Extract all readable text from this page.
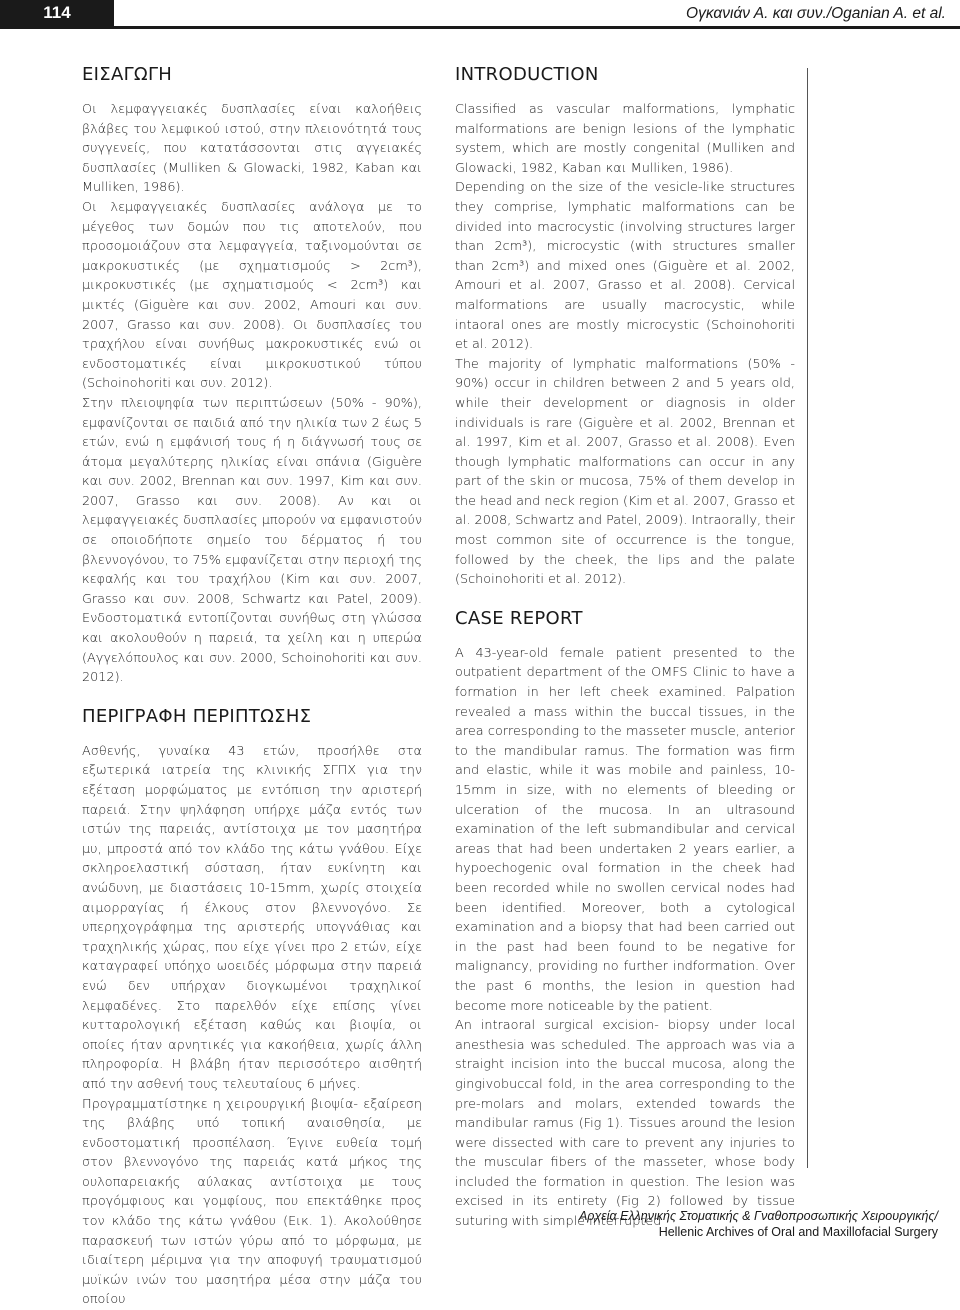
114	Ογκανιάν Α. και συν./Oganian A. et al.
ΕΙΣΑΓΩΓΗ

Οι λεμφαγγειακές δυσπλασίες είναι καλοήθεις βλάβες του λεμφικού ιστού, στην πλειονότητά τους συγγενείς, που κατατάσσονται στις αγγειακές δυσπλασίες (Mulliken & Glowacki, 1982, Kaban και Mulliken, 1986).

Οι λεμφαγγειακές δυσπλασίες ανάλογα με το μέγεθος των δομών που τις αποτελούν, που προσομοιάζουν στα λεμφαγγεία, ταξινομούνται σε μακροκυστικές (με σχηματισμούς > 2cm³), μικροκυστικές (με σχηματισμούς < 2cm³) και μικτές (Giguère και συν. 2002, Amouri και συν. 2007, Grasso και συν. 2008). Οι δυσπλασίες του τραχήλου είναι συνήθως μακροκυστικές ενώ οι ενδοστοματικές είναι μικροκυστικού τύπου (Schoinohoriti και συν. 2012).

Στην πλειοψηφία των περιπτώσεων (50% - 90%), εμφανίζονται σε παιδιά από την ηλικία των 2 έως 5 ετών, ενώ η εμφάνισή τους ή η διάγνωσή τους σε άτομα μεγαλύτερης ηλικίας είναι σπάνια (Giguère και συν. 2002, Brennan και συν. 1997, Kim και συν. 2007, Grasso και συν. 2008). Αν και οι λεμφαγγειακές δυσπλασίες μπορούν να εμφανιστούν σε οποιοδήποτε σημείο του δέρματος ή του βλεννογόνου, το 75% εμφανίζεται στην περιοχή της κεφαλής και του τραχήλου (Kim και συν. 2007, Grasso και συν. 2008, Schwartz και Patel, 2009). Ενδοστοματικά εντοπίζονται συνήθως στη γλώσσα και ακολουθούν η παρειά, τα χείλη και η υπερώα (Αγγελόπουλος και συν. 2000, Schoinohoriti και συν. 2012).

ΠΕΡΙΓΡΑΦΗ ΠΕΡΙΠΤΩΣΗΣ

Ασθενής, γυναίκα 43 ετών, προσήλθε στα εξωτερικά ιατρεία της κλινικής ΣΓΠΧ για την εξέταση μορφώματος με εντόπιση την αριστερή παρειά. Στην ψηλάφηση υπήρχε μάζα εντός των ιστών της παρειάς, αντίστοιχα με τον μασητήρα μυ, μπροστά από τον κλάδο της κάτω γνάθου. Είχε σκληροελαστική σύσταση, ήταν ευκίνητη και ανώδυνη, με διαστάσεις 10-15mm, χωρίς στοιχεία αιμορραγίας ή έλκους στον βλεννογόνο. Σε υπερηχογράφημα της αριστερής υπογνάθιας και τραχηλικής χώρας, που είχε γίνει προ 2 ετών, είχε καταγραφεί υπόηχο ωοειδές μόρφωμα στην παρειά ενώ δεν υπήρχαν διογκωμένοι τραχηλικοί λεμφαδένες. Στο παρελθόν είχε επίσης γίνει κυτταρολογική εξέταση καθώς και βιοψία, οι οποίες ήταν αρνητικές για κακοήθεια, χωρίς άλλη πληροφορία. Η βλάβη ήταν περισσότερο αισθητή από την ασθενή τους τελευταίους 6 μήνες.

Προγραμματίστηκε η χειρουργική βιοψία- εξαίρεση της βλάβης υπό τοπική αναισθησία, με ενδοστοματική προσπέλαση. Έγινε ευθεία τομή στον βλεννογόνο της παρειάς κατά μήκος της ουλοπαρειακής αύλακας αντίστοιχα με τους προγόμφιους και γομφίους, που επεκτάθηκε προς τον κλάδο της κάτω γνάθου (Εικ. 1). Ακολούθησε παρασκευή των ιστών γύρω από το μόρφωμα, με ιδιαίτερη μέριμνα για την αποφυγή τραυματισμού μυϊκών ινών του μασητήρα μέσα στην μάζα του οποίου

INTRODUCTION

Classified as vascular malformations, lymphatic malformations are benign lesions of the lymphatic system, which are mostly congenital (Mulliken and Glowacki, 1982, Kaban και Mulliken, 1986).

Depending on the size of the vesicle-like structures they comprise, lymphatic malformations can be divided into macrocystic (involving structures larger than 2cm³), microcystic (with structures smaller than 2cm³) and mixed ones (Giguère et al. 2002, Amouri et al. 2007, Grasso et al. 2008). Cervical malformations are usually macrocystic, while intaoral ones are mostly microcystic (Schoinohoriti et al. 2012).

The majority of lymphatic malformations (50% - 90%) occur in children between 2 and 5 years old, while their development or diagnosis in older individuals is rare (Giguère et al. 2002, Brennan et al. 1997, Kim et al. 2007, Grasso et al. 2008). Even though lymphatic malformations can occur in any part of the skin or mucosa, 75% of them develop in the head and neck region (Kim et al. 2007, Grasso et al. 2008, Schwartz and Patel, 2009). Intraorally, their most common site of occurrence is the tongue, followed by the cheek, the lips and the palate (Schoinohoriti et al. 2012).

CASE REPORT

A 43-year-old female patient presented to the outpatient department of the OMFS Clinic to have a formation in her left cheek examined. Palpation revealed a mass within the buccal tissues, in the area corresponding to the masseter muscle, anterior to the mandibular ramus. The formation was firm and elastic, while it was mobile and painless, 10-15mm in size, with no elements of bleeding or ulceration of the mucosa. In an ultrasound examination of the left submandibular and cervical areas that had been undertaken 2 years earlier, a hypoechogenic oval formation in the cheek had been recorded while no swollen cervical nodes had been identified. Moreover, both a cytological examination and a biopsy that had been carried out in the past had been found to be negative for malignancy, providing no further indformation. Over the past 6 months, the lesion in question had become more noticeable by the patient.

An intraoral surgical excision- biopsy under local anesthesia was scheduled. The approach was via a straight incision into the buccal mucosa, along the gingivobuccal fold, in the area corresponding to the pre-molars and molars, extended towards the mandibular ramus (Fig 1). Tissues around the lesion were dissected with care to prevent any injuries to the muscular fibers of the masseter, whose body included the formation in question. The lesion was excised in its entirety (Fig 2) followed by tissue suturing with simple interrupted

Αρχεία Ελληνικής Στοματικής & Γναθοπροσωπικής Χειρουργικής/
Hellenic Archives of Oral and Maxillofacial Surgery
